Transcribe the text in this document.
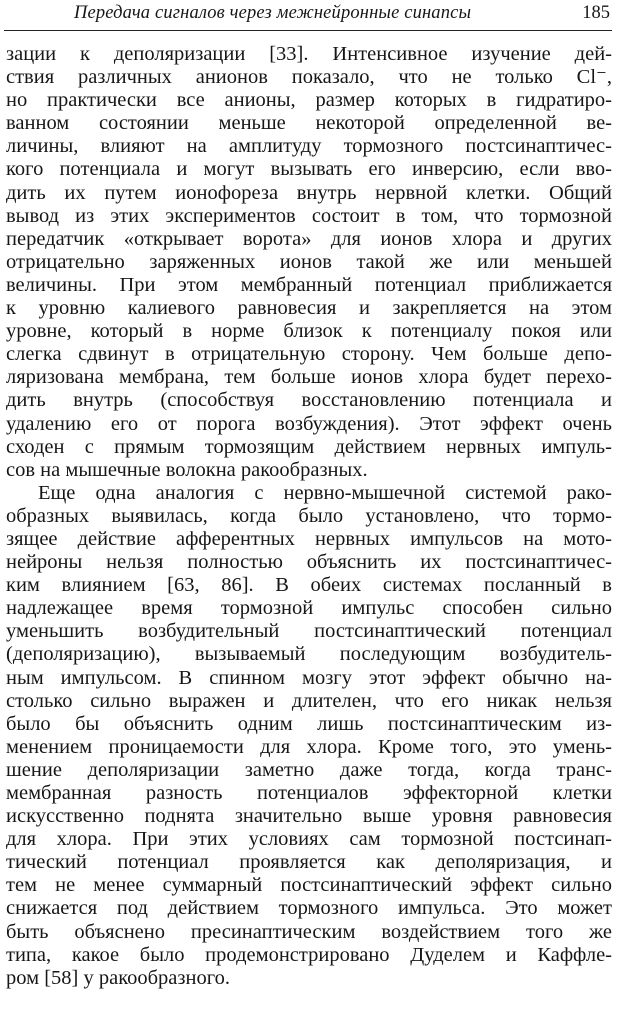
Передача сигналов через межнейронные синапсы	185
зации к деполяризации [33]. Интенсивное изучение дей-
ствия различных анионов показало, что не только Cl⁻,
но практически все анионы, размер которых в гидратиро-
ванном состоянии меньше некоторой определенной ве-
личины, влияют на амплитуду тормозного постсинаптичес-
кого потенциала и могут вызывать его инверсию, если вво-
дить их путем ионофореза внутрь нервной клетки. Общий
вывод из этих экспериментов состоит в том, что тормозной
передатчик «открывает ворота» для ионов хлора и других
отрицательно заряженных ионов такой же или меньшей
величины. При этом мембранный потенциал приближается
к уровню калиевого равновесия и закрепляется на этом
уровне, который в норме близок к потенциалу покоя или
слегка сдвинут в отрицательную сторону. Чем больше депо-
ляризована мембрана, тем больше ионов хлора будет перехо-
дить внутрь (способствуя восстановлению потенциала и
удалению его от порога возбуждения). Этот эффект очень
сходен с прямым тормозящим действием нервных импуль-
сов на мышечные волокна ракообразных.
Еще одна аналогия с нервно-мышечной системой рако-
образных выявилась, когда было установлено, что тормо-
зящее действие афферентных нервных импульсов на мото-
нейроны нельзя полностью объяснить их постсинаптичес-
ким влиянием [63, 86]. В обеих системах посланный в
надлежащее время тормозной импульс способен сильно
уменьшить возбудительный постсинаптический потенциал
(деполяризацию), вызываемый последующим возбудитель-
ным импульсом. В спинном мозгу этот эффект обычно на-
столько сильно выражен и длителен, что его никак нельзя
было бы объяснить одним лишь постсинаптическим из-
менением проницаемости для хлора. Кроме того, это умень-
шение деполяризации заметно даже тогда, когда транс-
мембранная разность потенциалов эффекторной клетки
искусственно поднята значительно выше уровня равновесия
для хлора. При этих условиях сам тормозной постсинап-
тический потенциал проявляется как деполяризация, и
тем не менее суммарный постсинаптический эффект сильно
снижается под действием тормозного импульса. Это может
быть объяснено пресинаптическим воздействием того же
типа, какое было продемонстрировано Дуделем и Каффле-
ром [58] у ракообразного.
